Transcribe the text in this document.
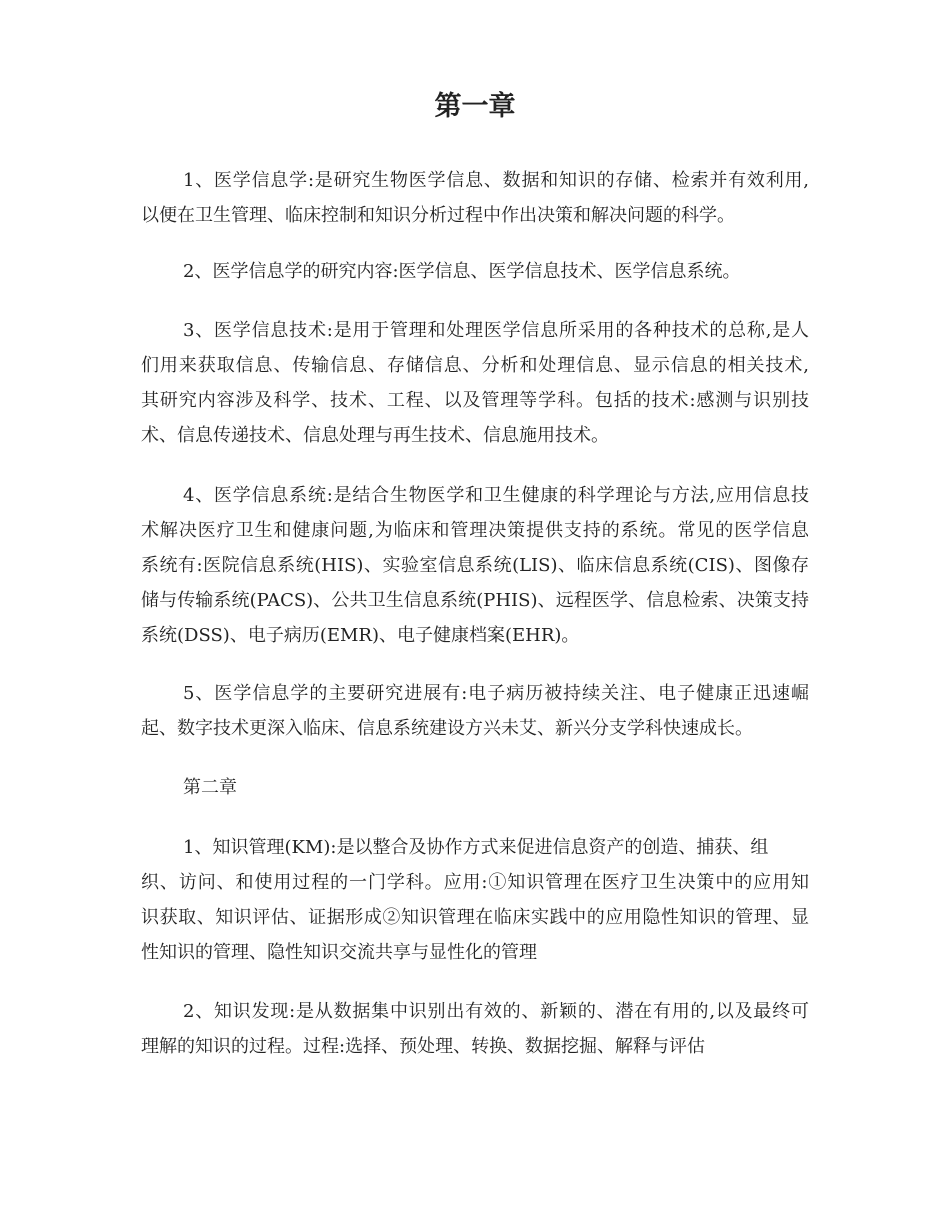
第一章
1、医学信息学:是研究生物医学信息、数据和知识的存储、检索并有效利用,
以便在卫生管理、临床控制和知识分析过程中作出决策和解决问题的科学。
2、医学信息学的研究内容:医学信息、医学信息技术、医学信息系统。
3、医学信息技术:是用于管理和处理医学信息所采用的各种技术的总称,是人
们用来获取信息、传输信息、存储信息、分析和处理信息、显示信息的相关技术,
其研究内容涉及科学、技术、工程、以及管理等学科。包括的技术:感测与识别技
术、信息传递技术、信息处理与再生技术、信息施用技术。
4、医学信息系统:是结合生物医学和卫生健康的科学理论与方法,应用信息技
术解决医疗卫生和健康问题,为临床和管理决策提供支持的系统。常见的医学信息
系统有:医院信息系统(HIS)、实验室信息系统(LIS)、临床信息系统(CIS)、图像存
储与传输系统(PACS)、公共卫生信息系统(PHIS)、远程医学、信息检索、决策支持
系统(DSS)、电子病历(EMR)、电子健康档案(EHR)。
5、医学信息学的主要研究进展有:电子病历被持续关注、电子健康正迅速崛
起、数字技术更深入临床、信息系统建设方兴未艾、新兴分支学科快速成长。
第二章
1、知识管理(KM):是以整合及协作方式来促进信息资产的创造、捕获、组
织、访问、和使用过程的一门学科。应用:①知识管理在医疗卫生决策中的应用知
识获取、知识评估、证据形成②知识管理在临床实践中的应用隐性知识的管理、显
性知识的管理、隐性知识交流共享与显性化的管理
2、知识发现:是从数据集中识别出有效的、新颖的、潜在有用的,以及最终可
理解的知识的过程。过程:选择、预处理、转换、数据挖掘、解释与评估
